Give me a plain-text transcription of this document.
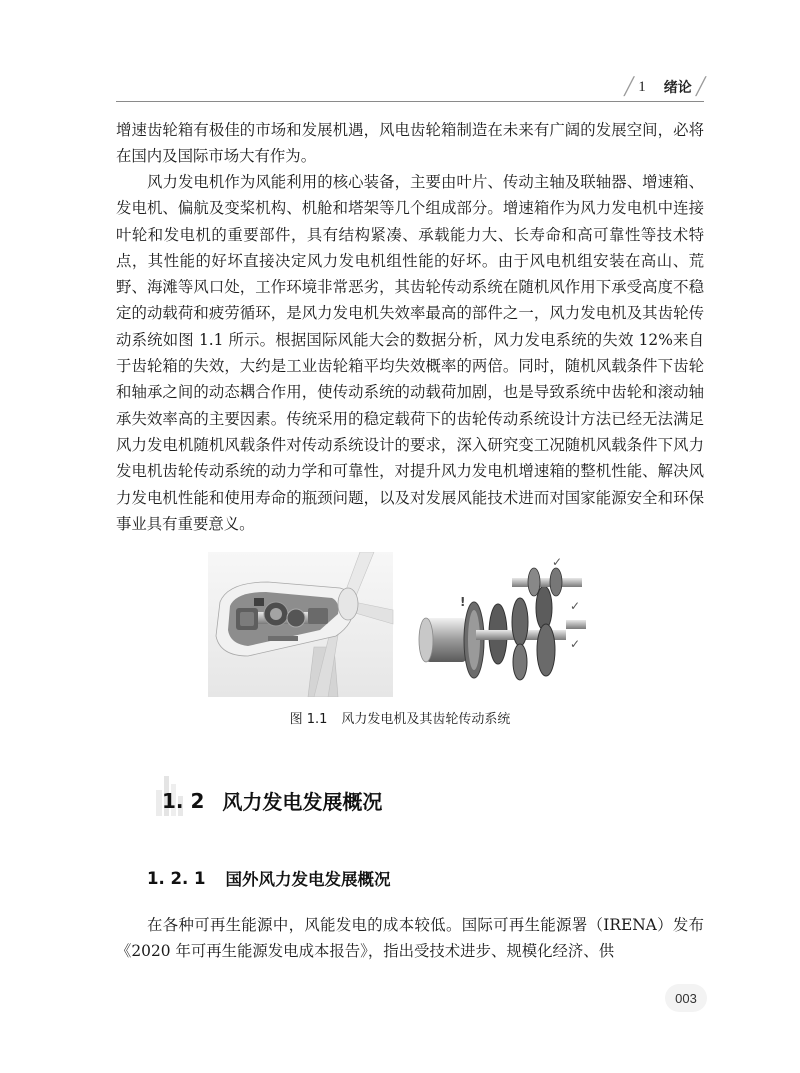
╱ 1 绪论 ╱

增速齿轮箱有极佳的市场和发展机遇，风电齿轮箱制造在未来有广阔的发展空间，必将在国内及国际市场大有作为。

风力发电机作为风能利用的核心装备，主要由叶片、传动主轴及联轴器、增速箱、发电机、偏航及变桨机构、机舱和塔架等几个组成部分。增速箱作为风力发电机中连接叶轮和发电机的重要部件，具有结构紧凑、承载能力大、长寿命和高可靠性等技术特点，其性能的好坏直接决定风力发电机组性能的好坏。由于风电机组安装在高山、荒野、海滩等风口处，工作环境非常恶劣，其齿轮传动系统在随机风作用下承受高度不稳定的动载荷和疲劳循环，是风力发电机失效率最高的部件之一，风力发电机及其齿轮传动系统如图 1.1 所示。根据国际风能大会的数据分析，风力发电系统的失效 12%来自于齿轮箱的失效，大约是工业齿轮箱平均失效概率的两倍。同时，随机风载条件下齿轮和轴承之间的动态耦合作用，使传动系统的动载荷加剧，也是导致系统中齿轮和滚动轴承失效率高的主要因素。传统采用的稳定载荷下的齿轮传动系统设计方法已经无法满足风力发电机随机风载条件对传动系统设计的要求，深入研究变工况随机风载条件下风力发电机齿轮传动系统的动力学和可靠性，对提升风力发电机增速箱的整机性能、解决风力发电机性能和使用寿命的瓶颈问题，以及对发展风能技术进而对国家能源安全和环保事业具有重要意义。

✓
✓
✓
!
图 1.1 风力发电机及其齿轮传动系统
1. 2 风力发电发展概况
1. 2. 1 国外风力发电发展概况

在各种可再生能源中，风能发电的成本较低。国际可再生能源署（IRENA）发布《2020 年可再生能源发电成本报告》，指出受技术进步、规模化经济、供

003
